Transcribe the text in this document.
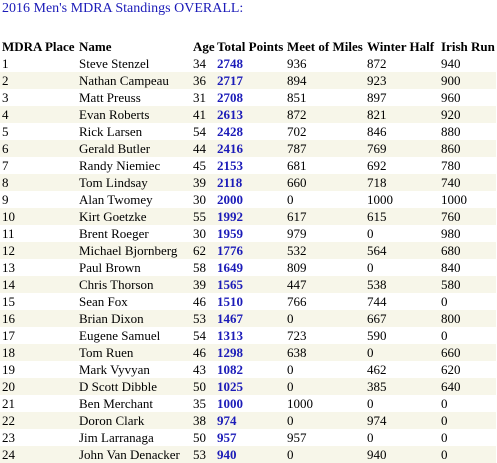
2016 Men's MDRA Standings OVERALL:
MDRA Place	Name	Age	Total Points	Meet of Miles	Winter Half	Irish Run
1	Steve Stenzel	34	2748	936	872	940
2	Nathan Campeau	36	2717	894	923	900
3	Matt Preuss	31	2708	851	897	960
4	Evan Roberts	41	2613	872	821	920
5	Rick Larsen	54	2428	702	846	880
6	Gerald Butler	44	2416	787	769	860
7	Randy Niemiec	45	2153	681	692	780
8	Tom Lindsay	39	2118	660	718	740
9	Alan Twomey	30	2000	0	1000	1000
10	Kirt Goetzke	55	1992	617	615	760
11	Brent Roeger	30	1959	979	0	980
12	Michael Bjornberg	62	1776	532	564	680
13	Paul Brown	58	1649	809	0	840
14	Chris Thorson	39	1565	447	538	580
15	Sean Fox	46	1510	766	744	0
16	Brian Dixon	53	1467	0	667	800
17	Eugene Samuel	54	1313	723	590	0
18	Tom Ruen	46	1298	638	0	660
19	Mark Vyvyan	43	1082	0	462	620
20	D Scott Dibble	50	1025	0	385	640
21	Ben Merchant	35	1000	1000	0	0
22	Doron Clark	38	974	0	974	0
23	Jim Larranaga	50	957	957	0	0
24	John Van Denacker	53	940	0	940	0
